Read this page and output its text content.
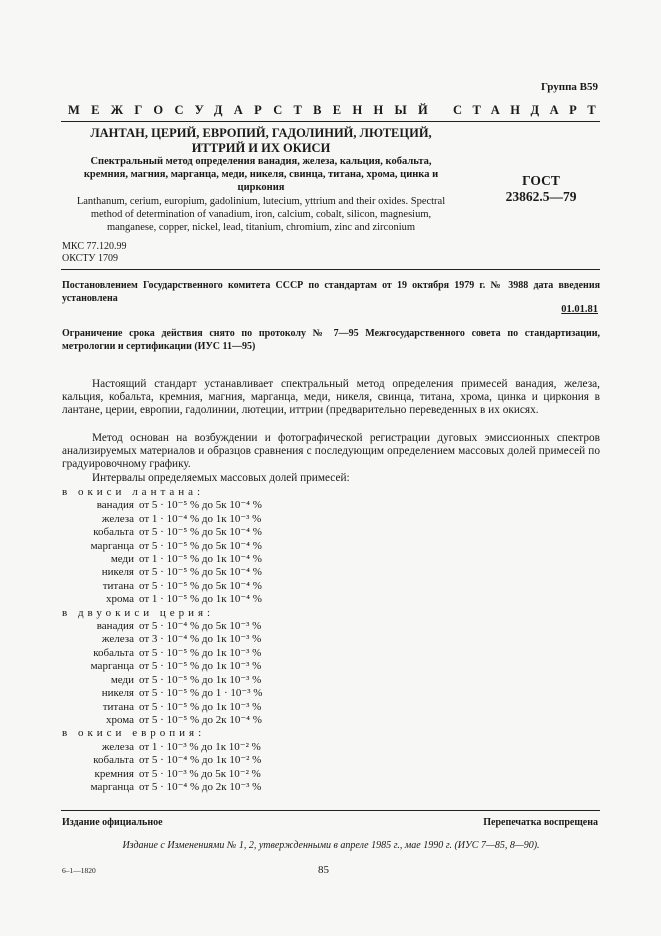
Группа В59
МЕЖГОСУДАРСТВЕННЫЙ СТАНДАРТ
ЛАНТАН, ЦЕРИЙ, ЕВРОПИЙ, ГАДОЛИНИЙ, ЛЮТЕЦИЙ,
ИТТРИЙ И ИХ ОКИСИ
Спектральный метод определения ванадия, железа, кальция, кобальта, кремния, магния, марганца, меди, никеля, свинца, титана, хрома, цинка и циркония
Lanthanum, cerium, europium, gadolinium, lutecium, yttrium and their oxides. Spectral method of determination of vanadium, iron, calcium, cobalt, silicon, magnesium, manganese, copper, nickel, lead, titanium, chromium, zinc and zirconium
ГОСТ
23862.5—79
МКС 77.120.99
ОКСТУ 1709
Постановлением Государственного комитета СССР по стандартам от 19 октября 1979 г. № 3988 дата введения установлена
01.01.81
Ограничение срока действия снято по протоколу № 7—95 Межгосударственного совета по стандартизации, метрологии и сертификации (ИУС 11—95)
Настоящий стандарт устанавливает спектральный метод определения примесей ванадия, железа, кальция, кобальта, кремния, магния, марганца, меди, никеля, свинца, титана, хрома, цинка и циркония в лантане, церии, европии, гадолинии, лютеции, иттрии (предварительно переведенных в их окисях.
Метод основан на возбуждении и фотографической регистрации дуговых эмиссионных спектров анализируемых материалов и образцов сравнения с последующим определением массовых долей примесей по градуировочному графику.
Интервалы определяемых массовых долей примесей:
в окиси лантана:
ванадия от 5 · 10⁻⁵ % до 5к 10⁻⁴ %
железа от 1 · 10⁻⁴ % до 1к 10⁻³ %
кобальта от 5 · 10⁻⁵ % до 5к 10⁻⁴ %
марганца от 5 · 10⁻⁵ % до 5к 10⁻⁴ %
меди от 1 · 10⁻⁵ % до 1к 10⁻⁴ %
никеля от 5 · 10⁻⁵ % до 5к 10⁻⁴ %
титана от 5 · 10⁻⁵ % до 5к 10⁻⁴ %
хрома от 1 · 10⁻⁵ % до 1к 10⁻⁴ %
в двуокиси церия:
ванадия от 5 · 10⁻⁴ % до 5к 10⁻³ %
железа от 3 · 10⁻⁴ % до 1к 10⁻³ %
кобальта от 5 · 10⁻⁵ % до 1к 10⁻³ %
марганца от 5 · 10⁻⁵ % до 1к 10⁻³ %
меди от 5 · 10⁻⁵ % до 1к 10⁻³ %
никеля от 5 · 10⁻⁵ % до 1 · 10⁻³ %
титана от 5 · 10⁻⁵ % до 1к 10⁻³ %
хрома от 5 · 10⁻⁵ % до 2к 10⁻⁴ %
в окиси европия:
железа от 1 · 10⁻³ % до 1к 10⁻² %
кобальта от 5 · 10⁻⁴ % до 1к 10⁻² %
кремния от 5 · 10⁻³ % до 5к 10⁻² %
марганца от 5 · 10⁻⁴ % до 2к 10⁻³ %
Издание официальное	Перепечатка воспрещена
Издание с Изменениями № 1, 2, утвержденными в апреле 1985 г., мае 1990 г. (ИУС 7—85, 8—90).
6–1—1820	85
